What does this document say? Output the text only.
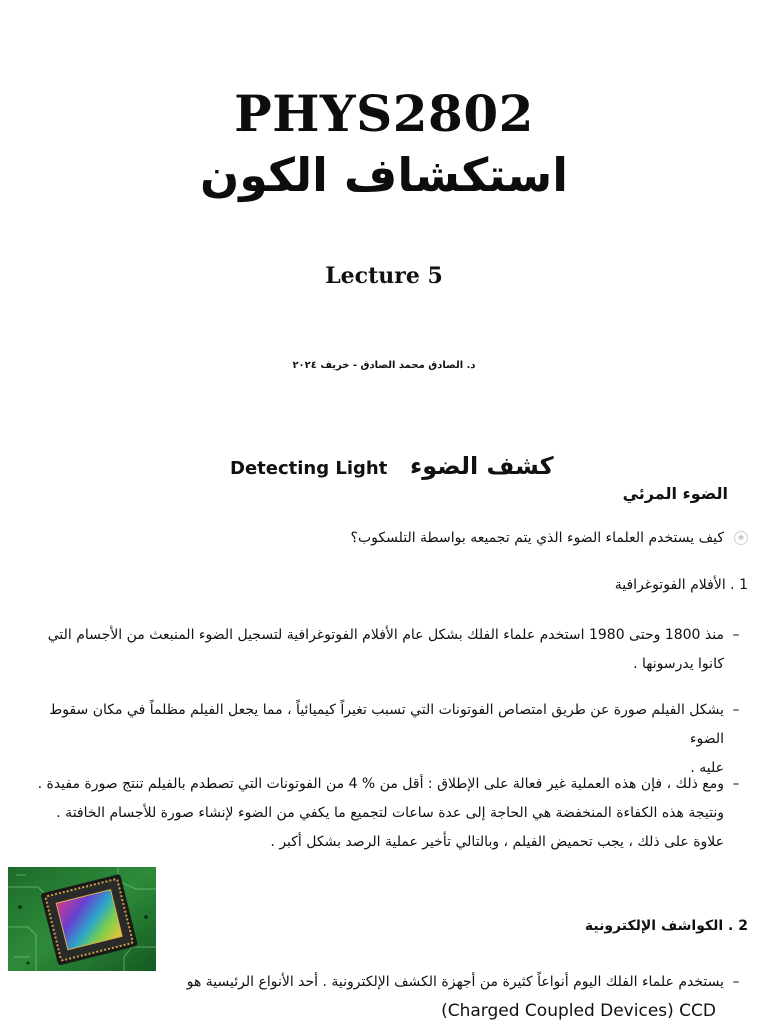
PHYS2802
استكشاف الكون
Lecture 5
د. الصادق محمد الصادق - خريف ٢٠٢٤
Detecting Light كشف الضوء
الضوء المرئي
❀
كيف يستخدم العلماء الضوء الذي يتم تجميعه بواسطة التلسكوب؟
1 . الأفلام الفوتوغرافية
–
منذ 1800 وحتى 1980 استخدم علماء الفلك بشكل عام الأفلام الفوتوغرافية لتسجيل الضوء المنبعث من الأجسام التي
كانوا يدرسونها .
–
يشكل الفيلم صورة عن طريق امتصاص الفوتونات التي تسبب تغيراً كيميائياً ، مما يجعل الفيلم مظلماً في مكان سقوط الضوء
عليه .
–
ومع ذلك ، فإن هذه العملية غير فعالة على الإطلاق : أقل من % 4 من الفوتونات التي تصطدم بالفيلم تنتج صورة مفيدة .
ونتيجة هذه الكفاءة المنخفضة هي الحاجة إلى عدة ساعات لتجميع ما يكفي من الضوء لإنشاء صورة للأجسام الخافتة .
علاوة على ذلك ، يجب تحميض الفيلم ، وبالتالي تأخير عملية الرصد بشكل أكبر .
2 . الكواشف الإلكترونية
–
يستخدم علماء الفلك اليوم أنواعاً كثيرة من أجهزة الكشف الإلكترونية . أحد الأنواع الرئيسية هو
(Charged Coupled Devices) CCD
